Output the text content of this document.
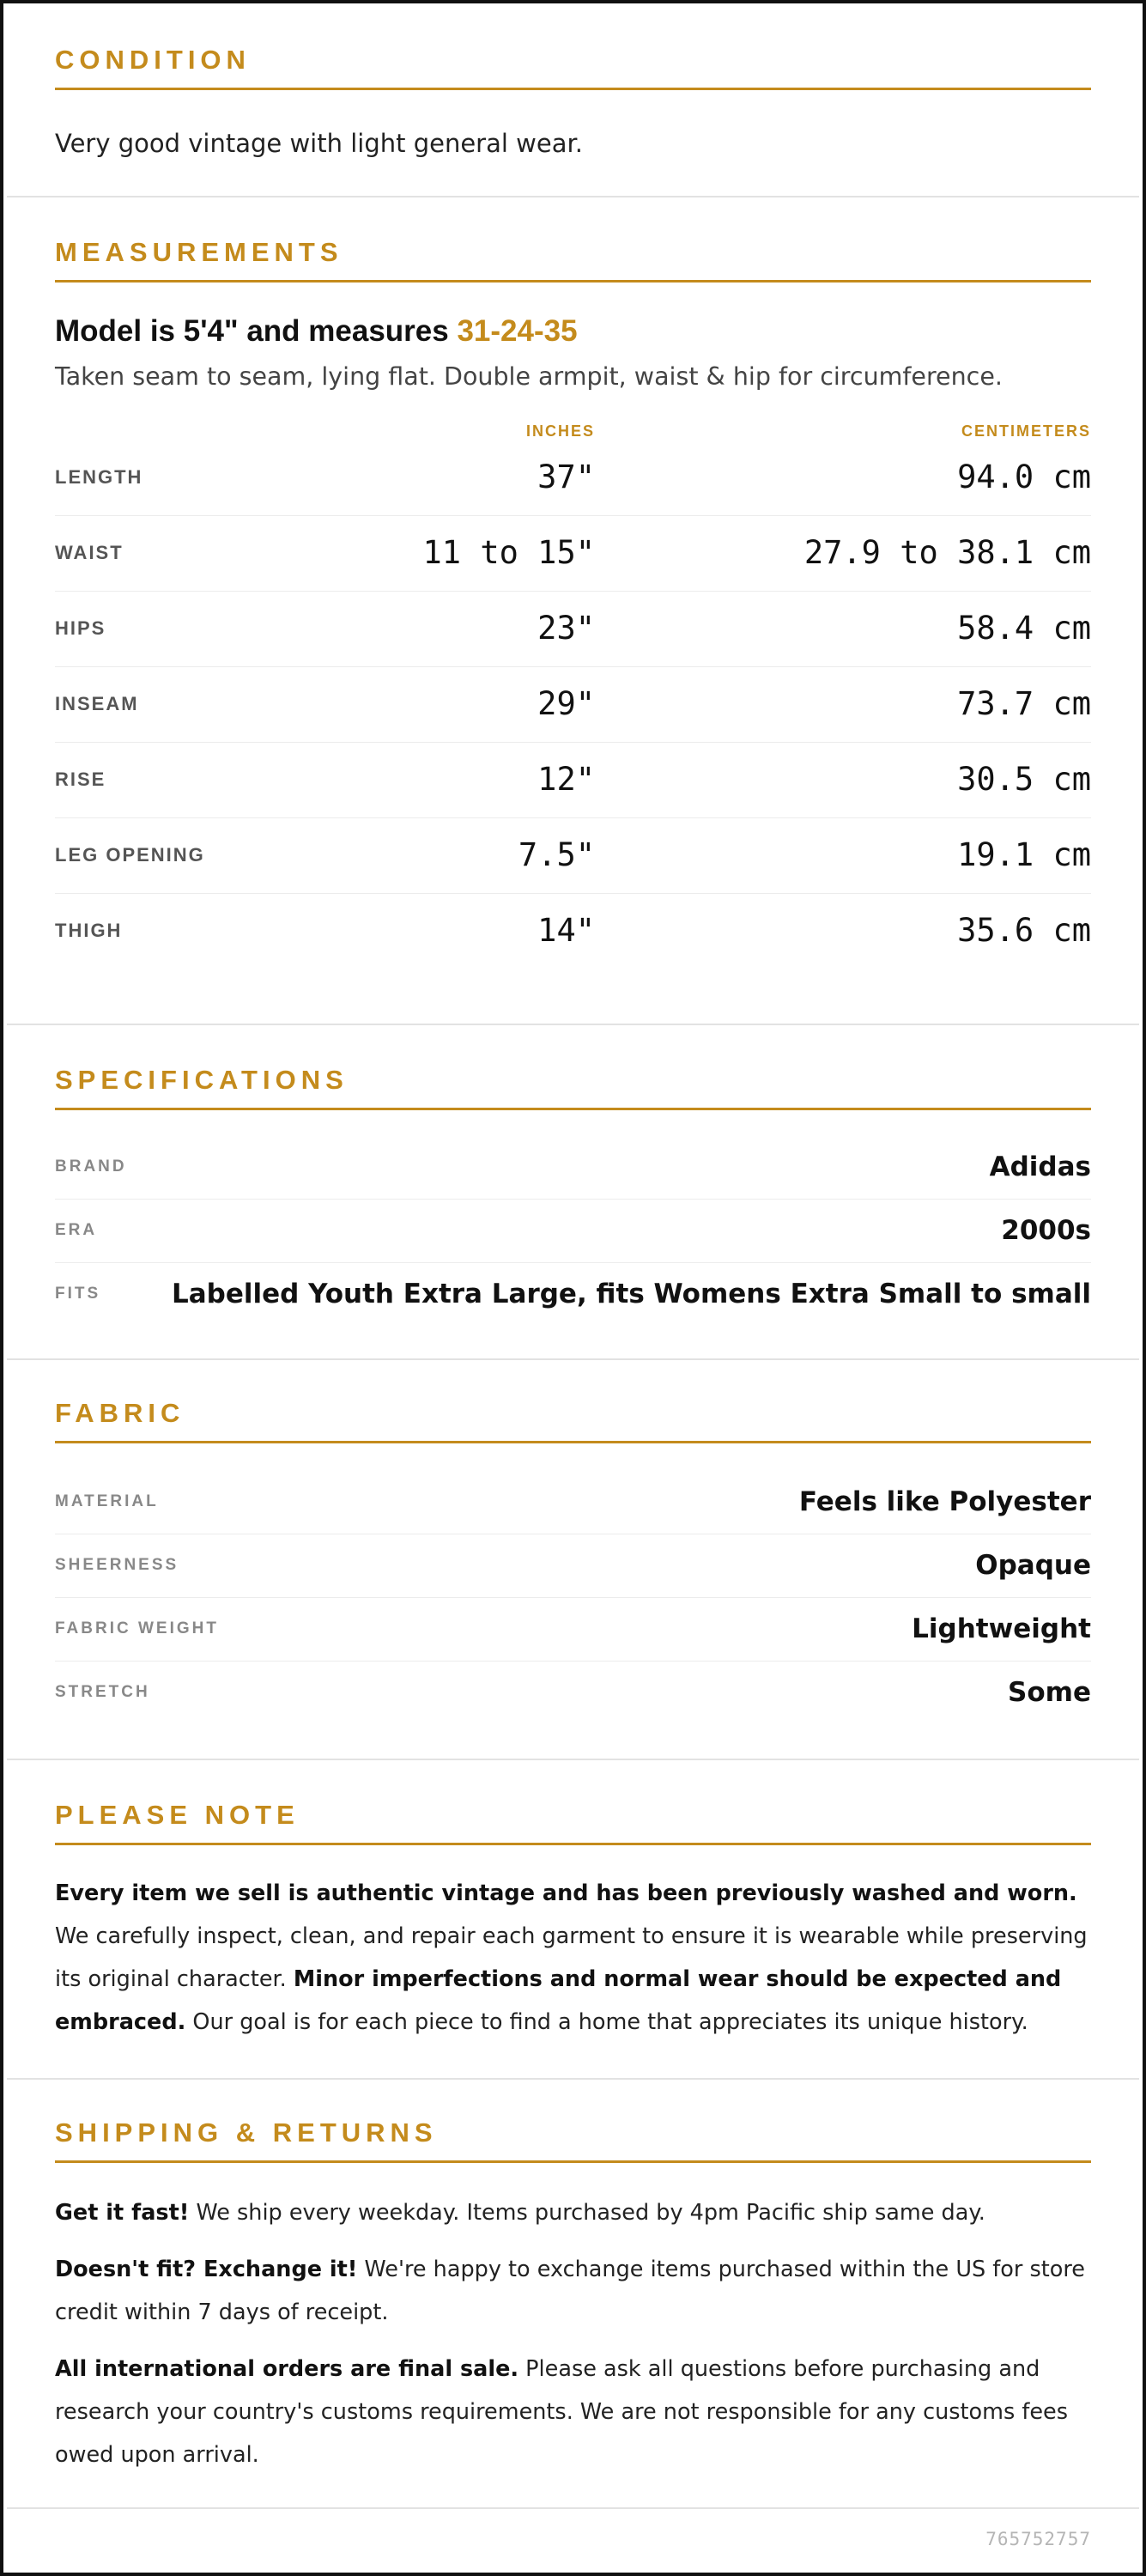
CONDITION
Very good vintage with light general wear.
MEASUREMENTS
Model is 5'4" and measures 31-24-35
Taken seam to seam, lying flat. Double armpit, waist & hip for circumference.
INCHES	CENTIMETERS
LENGTH	37"	94.0 cm
WAIST	11 to 15"	27.9 to 38.1 cm
HIPS	23"	58.4 cm
INSEAM	29"	73.7 cm
RISE	12"	30.5 cm
LEG OPENING	7.5"	19.1 cm
THIGH	14"	35.6 cm
SPECIFICATIONS
BRAND	Adidas
ERA	2000s
FITS	Labelled Youth Extra Large, fits Womens Extra Small to small
FABRIC
MATERIAL	Feels like Polyester
SHEERNESS	Opaque
FABRIC WEIGHT	Lightweight
STRETCH	Some
PLEASE NOTE

Every item we sell is authentic vintage and has been previously washed and worn. We carefully inspect, clean, and repair each garment to ensure it is wearable while preserving its original character. Minor imperfections and normal wear should be expected and embraced. Our goal is for each piece to find a home that appreciates its unique history.

SHIPPING & RETURNS

Get it fast! We ship every weekday. Items purchased by 4pm Pacific ship same day.

Doesn't fit? Exchange it! We're happy to exchange items purchased within the US for store credit within 7 days of receipt.

All international orders are final sale. Please ask all questions before purchasing and research your country's customs requirements. We are not responsible for any customs fees owed upon arrival.

765752757
